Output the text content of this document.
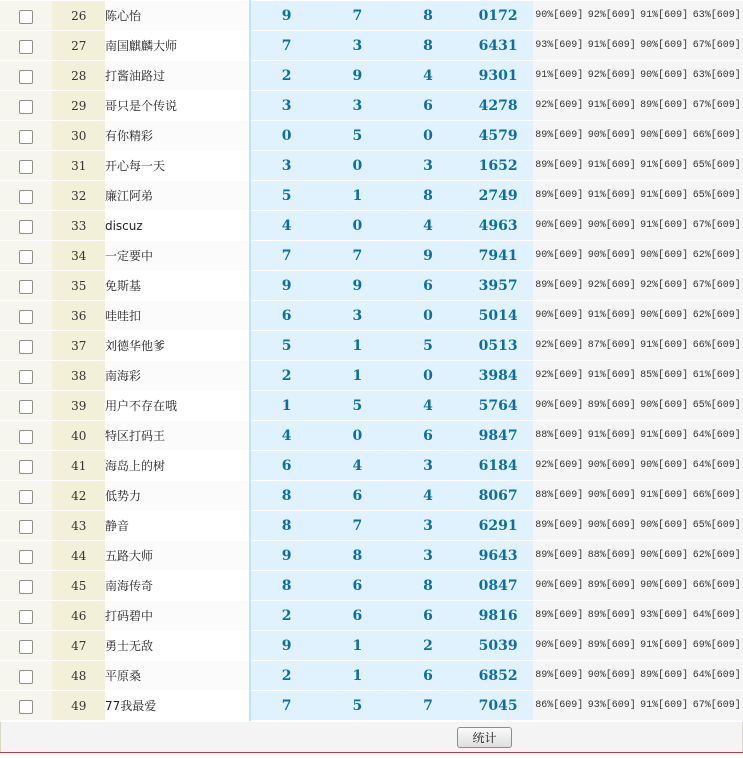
	26	陈心怡	9	7	8	0172	90%[609]	92%[609]	91%[609]	63%[609]
	27	南国麒麟大师	7	3	8	6431	93%[609]	91%[609]	90%[609]	67%[609]
	28	打酱油路过	2	9	4	9301	91%[609]	92%[609]	90%[609]	63%[609]
	29	哥只是个传说	3	3	6	4278	92%[609]	91%[609]	89%[609]	67%[609]
	30	有你精彩	0	5	0	4579	89%[609]	90%[609]	90%[609]	66%[609]
	31	开心每一天	3	0	3	1652	89%[609]	91%[609]	91%[609]	65%[609]
	32	廉江阿弟	5	1	8	2749	89%[609]	91%[609]	91%[609]	65%[609]
	33	discuz	4	0	4	4963	90%[609]	90%[609]	91%[609]	67%[609]
	34	一定要中	7	7	9	7941	90%[609]	90%[609]	90%[609]	62%[609]
	35	免斯基	9	9	6	3957	89%[609]	92%[609]	92%[609]	67%[609]
	36	哇哇扣	6	3	0	5014	90%[609]	91%[609]	90%[609]	62%[609]
	37	刘德华他爹	5	1	5	0513	92%[609]	87%[609]	91%[609]	66%[609]
	38	南海彩	2	1	0	3984	92%[609]	91%[609]	85%[609]	61%[609]
	39	用户不存在哦	1	5	4	5764	90%[609]	89%[609]	90%[609]	65%[609]
	40	特区打码王	4	0	6	9847	88%[609]	91%[609]	91%[609]	64%[609]
	41	海岛上的树	6	4	3	6184	92%[609]	90%[609]	90%[609]	64%[609]
	42	低势力	8	6	4	8067	88%[609]	90%[609]	91%[609]	66%[609]
	43	静音	8	7	3	6291	89%[609]	90%[609]	90%[609]	65%[609]
	44	五路大师	9	8	3	9643	89%[609]	88%[609]	90%[609]	62%[609]
	45	南海传奇	8	6	8	0847	90%[609]	89%[609]	90%[609]	66%[609]
	46	打码碧中	2	6	6	9816	89%[609]	89%[609]	93%[609]	64%[609]
	47	勇士无敌	9	1	2	5039	90%[609]	89%[609]	91%[609]	69%[609]
	48	平原桑	2	1	6	6852	89%[609]	90%[609]	89%[609]	64%[609]
	49	77我最爱	7	5	7	7045	86%[609]	93%[609]	91%[609]	67%[609]
统计
